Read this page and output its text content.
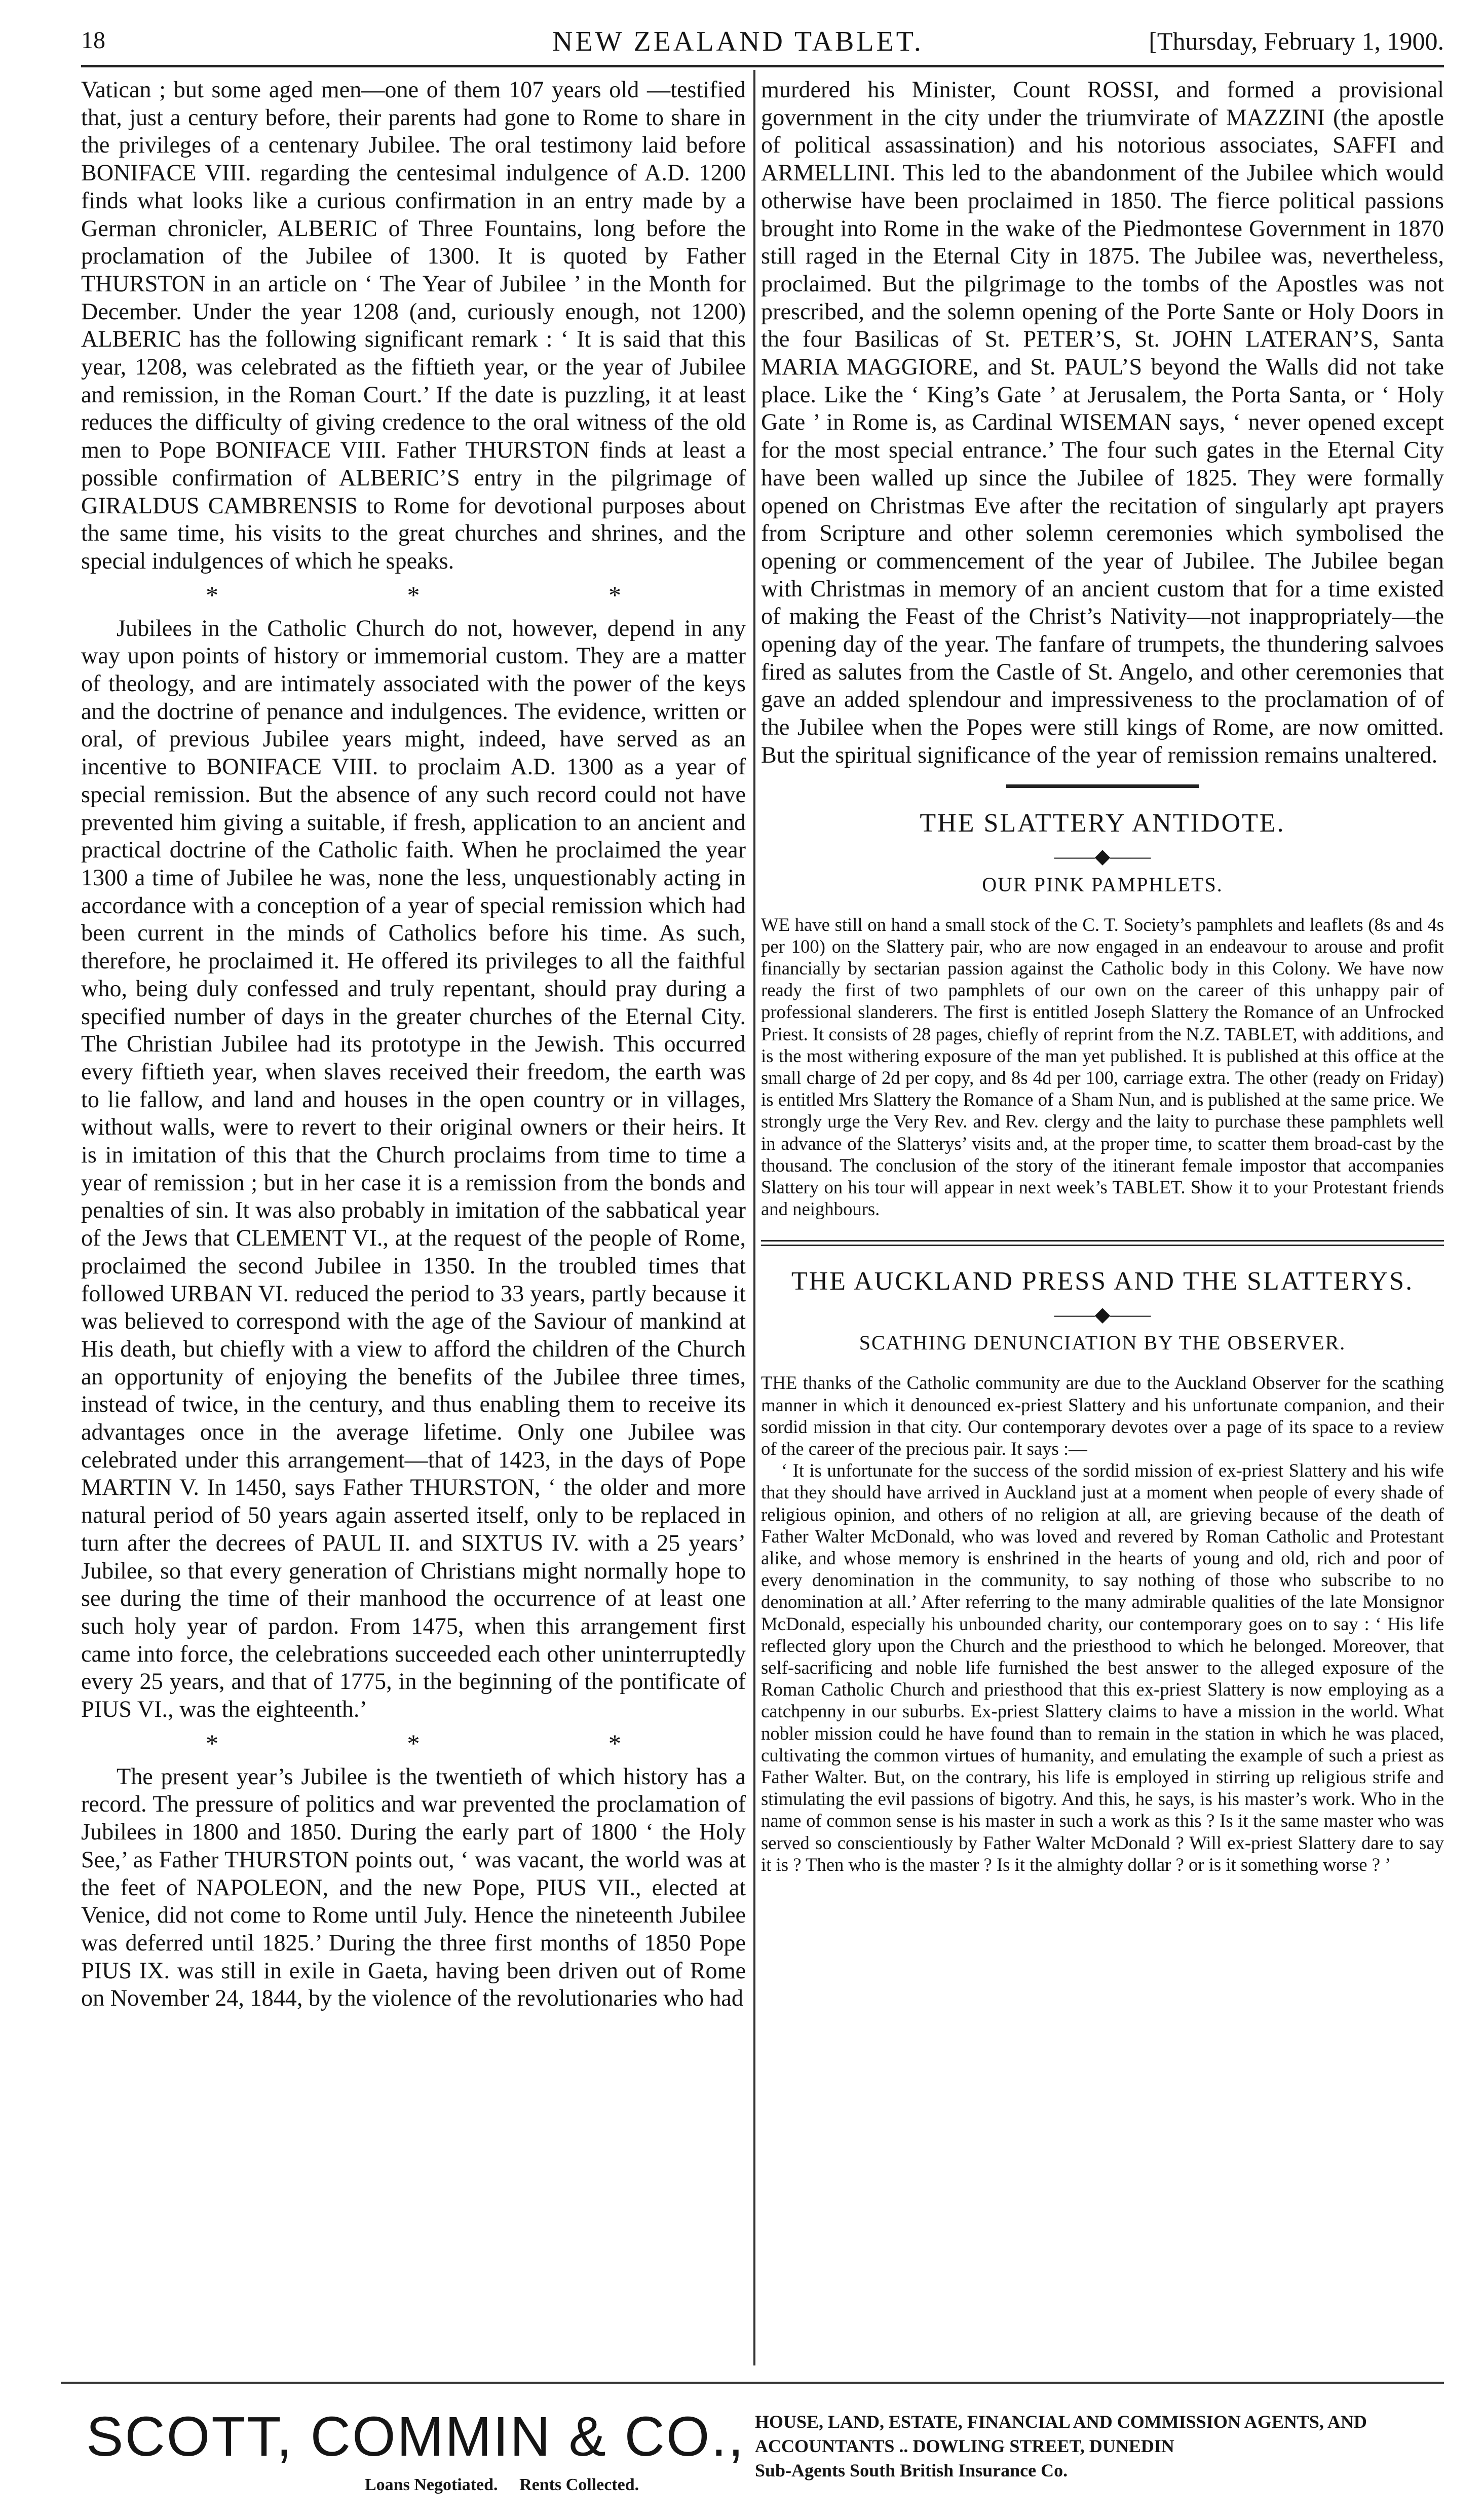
18	NEW ZEALAND TABLET.	[Thursday, February 1, 1900.

Vatican ; but some aged men—one of them 107 years old —testified that, just a century before, their parents had gone to Rome to share in the privileges of a centenary Jubilee. The oral testimony laid before BONIFACE VIII. regarding the centesimal indulgence of A.D. 1200 finds what looks like a curious confirmation in an entry made by a German chronicler, ALBERIC of Three Fountains, long before the proclamation of the Jubilee of 1300. It is quoted by Father THURSTON in an article on ‘ The Year of Jubilee ’ in the Month for December. Under the year 1208 (and, curiously enough, not 1200) ALBERIC has the following significant remark : ‘ It is said that this year, 1208, was celebrated as the fiftieth year, or the year of Jubilee and remission, in the Roman Court.’ If the date is puzzling, it at least reduces the difficulty of giving credence to the oral witness of the old men to Pope BONIFACE VIII. Father THURSTON finds at least a possible confirmation of ALBERIC’S entry in the pilgrimage of GIRALDUS CAMBRENSIS to Rome for devotional purposes about the same time, his visits to the great churches and shrines, and the special indulgences of which he speaks.

* * *

Jubilees in the Catholic Church do not, however, depend in any way upon points of history or immemorial custom. They are a matter of theology, and are intimately associated with the power of the keys and the doctrine of penance and indulgences. The evidence, written or oral, of previous Jubilee years might, indeed, have served as an incentive to BONIFACE VIII. to proclaim A.D. 1300 as a year of special remission. But the absence of any such record could not have prevented him giving a suitable, if fresh, application to an ancient and practical doctrine of the Catholic faith. When he proclaimed the year 1300 a time of Jubilee he was, none the less, unquestionably acting in accordance with a conception of a year of special remission which had been current in the minds of Catholics before his time. As such, therefore, he proclaimed it. He offered its privileges to all the faithful who, being duly confessed and truly repentant, should pray during a specified number of days in the greater churches of the Eternal City. The Christian Jubilee had its prototype in the Jewish. This occurred every fiftieth year, when slaves received their freedom, the earth was to lie fallow, and land and houses in the open country or in villages, without walls, were to revert to their original owners or their heirs. It is in imitation of this that the Church proclaims from time to time a year of remission ; but in her case it is a remission from the bonds and penalties of sin. It was also probably in imitation of the sabbatical year of the Jews that CLEMENT VI., at the request of the people of Rome, proclaimed the second Jubilee in 1350. In the troubled times that followed URBAN VI. reduced the period to 33 years, partly because it was believed to correspond with the age of the Saviour of mankind at His death, but chiefly with a view to afford the children of the Church an opportunity of enjoying the benefits of the Jubilee three times, instead of twice, in the century, and thus enabling them to receive its advantages once in the average lifetime. Only one Jubilee was celebrated under this arrangement—that of 1423, in the days of Pope MARTIN V. In 1450, says Father THURSTON, ‘ the older and more natural period of 50 years again asserted itself, only to be replaced in turn after the decrees of PAUL II. and SIXTUS IV. with a 25 years’ Jubilee, so that every generation of Christians might normally hope to see during the time of their manhood the occurrence of at least one such holy year of pardon. From 1475, when this arrangement first came into force, the celebrations succeeded each other uninterruptedly every 25 years, and that of 1775, in the beginning of the pontificate of PIUS VI., was the eighteenth.’

* * *

The present year’s Jubilee is the twentieth of which history has a record. The pressure of politics and war prevented the proclamation of Jubilees in 1800 and 1850. During the early part of 1800 ‘ the Holy See,’ as Father THURSTON points out, ‘ was vacant, the world was at the feet of NAPOLEON, and the new Pope, PIUS VII., elected at Venice, did not come to Rome until July. Hence the nineteenth Jubilee was deferred until 1825.’ During the three first months of 1850 Pope PIUS IX. was still in exile in Gaeta, having been driven out of Rome on November 24, 1844, by the violence of the revolutionaries who had

murdered his Minister, Count ROSSI, and formed a provisional government in the city under the triumvirate of MAZZINI (the apostle of political assassination) and his notorious associates, SAFFI and ARMELLINI. This led to the abandonment of the Jubilee which would otherwise have been proclaimed in 1850. The fierce political passions brought into Rome in the wake of the Piedmontese Government in 1870 still raged in the Eternal City in 1875. The Jubilee was, nevertheless, proclaimed. But the pilgrimage to the tombs of the Apostles was not prescribed, and the solemn opening of the Porte Sante or Holy Doors in the four Basilicas of St. PETER’S, St. JOHN LATERAN’S, Santa MARIA MAGGIORE, and St. PAUL’S beyond the Walls did not take place. Like the ‘ King’s Gate ’ at Jerusalem, the Porta Santa, or ‘ Holy Gate ’ in Rome is, as Cardinal WISEMAN says, ‘ never opened except for the most special entrance.’ The four such gates in the Eternal City have been walled up since the Jubilee of 1825. They were formally opened on Christmas Eve after the recitation of singularly apt prayers from Scripture and other solemn ceremonies which symbolised the opening or commencement of the year of Jubilee. The Jubilee began with Christmas in memory of an ancient custom that for a time existed of making the Feast of the Christ’s Nativity—not inappropriately—the opening day of the year. The fanfare of trumpets, the thundering salvoes fired as salutes from the Castle of St. Angelo, and other ceremonies that gave an added splendour and impressiveness to the proclamation of of the Jubilee when the Popes were still kings of Rome, are now omitted. But the spiritual significance of the year of remission remains unaltered.

THE SLATTERY ANTIDOTE.
——◆——
OUR PINK PAMPHLETS.

WE have still on hand a small stock of the C. T. Society’s pamphlets and leaflets (8s and 4s per 100) on the Slattery pair, who are now engaged in an endeavour to arouse and profit financially by sectarian passion against the Catholic body in this Colony. We have now ready the first of two pamphlets of our own on the career of this unhappy pair of professional slanderers. The first is entitled Joseph Slattery the Romance of an Unfrocked Priest. It consists of 28 pages, chiefly of reprint from the N.Z. TABLET, with additions, and is the most withering exposure of the man yet published. It is published at this office at the small charge of 2d per copy, and 8s 4d per 100, carriage extra. The other (ready on Friday) is entitled Mrs Slattery the Romance of a Sham Nun, and is published at the same price. We strongly urge the Very Rev. and Rev. clergy and the laity to purchase these pamphlets well in advance of the Slatterys’ visits and, at the proper time, to scatter them broad-cast by the thousand. The conclusion of the story of the itinerant female impostor that accompanies Slattery on his tour will appear in next week’s TABLET. Show it to your Protestant friends and neighbours.

THE AUCKLAND PRESS AND THE SLATTERYS.
——◆——
SCATHING DENUNCIATION BY THE OBSERVER.

THE thanks of the Catholic community are due to the Auckland Observer for the scathing manner in which it denounced ex-priest Slattery and his unfortunate companion, and their sordid mission in that city. Our contemporary devotes over a page of its space to a review of the career of the precious pair. It says :—

‘ It is unfortunate for the success of the sordid mission of ex-priest Slattery and his wife that they should have arrived in Auckland just at a moment when people of every shade of religious opinion, and others of no religion at all, are grieving because of the death of Father Walter McDonald, who was loved and revered by Roman Catholic and Protestant alike, and whose memory is enshrined in the hearts of young and old, rich and poor of every denomination in the community, to say nothing of those who subscribe to no denomination at all.’ After referring to the many admirable qualities of the late Monsignor McDonald, especially his unbounded charity, our contemporary goes on to say : ‘ His life reflected glory upon the Church and the priesthood to which he belonged. Moreover, that self-sacrificing and noble life furnished the best answer to the alleged exposure of the Roman Catholic Church and priesthood that this ex-priest Slattery is now employing as a catchpenny in our suburbs. Ex-priest Slattery claims to have a mission in the world. What nobler mission could he have found than to remain in the station in which he was placed, cultivating the common virtues of humanity, and emulating the example of such a priest as Father Walter. But, on the contrary, his life is employed in stirring up religious strife and stimulating the evil passions of bigotry. And this, he says, is his master’s work. Who in the name of common sense is his master in such a work as this ? Is it the same master who was served so conscientiously by Father Walter McDonald ? Will ex-priest Slattery dare to say it is ? Then who is the master ? Is it the almighty dollar ? or is it something worse ? ’

SCOTT, COMMIN & CO.,
Loans Negotiated. Rents Collected.
HOUSE, LAND, ESTATE, FINANCIAL AND COMMISSION AGENTS, AND
ACCOUNTANTS .. DOWLING STREET, DUNEDIN
Sub-Agents South British Insurance Co.
